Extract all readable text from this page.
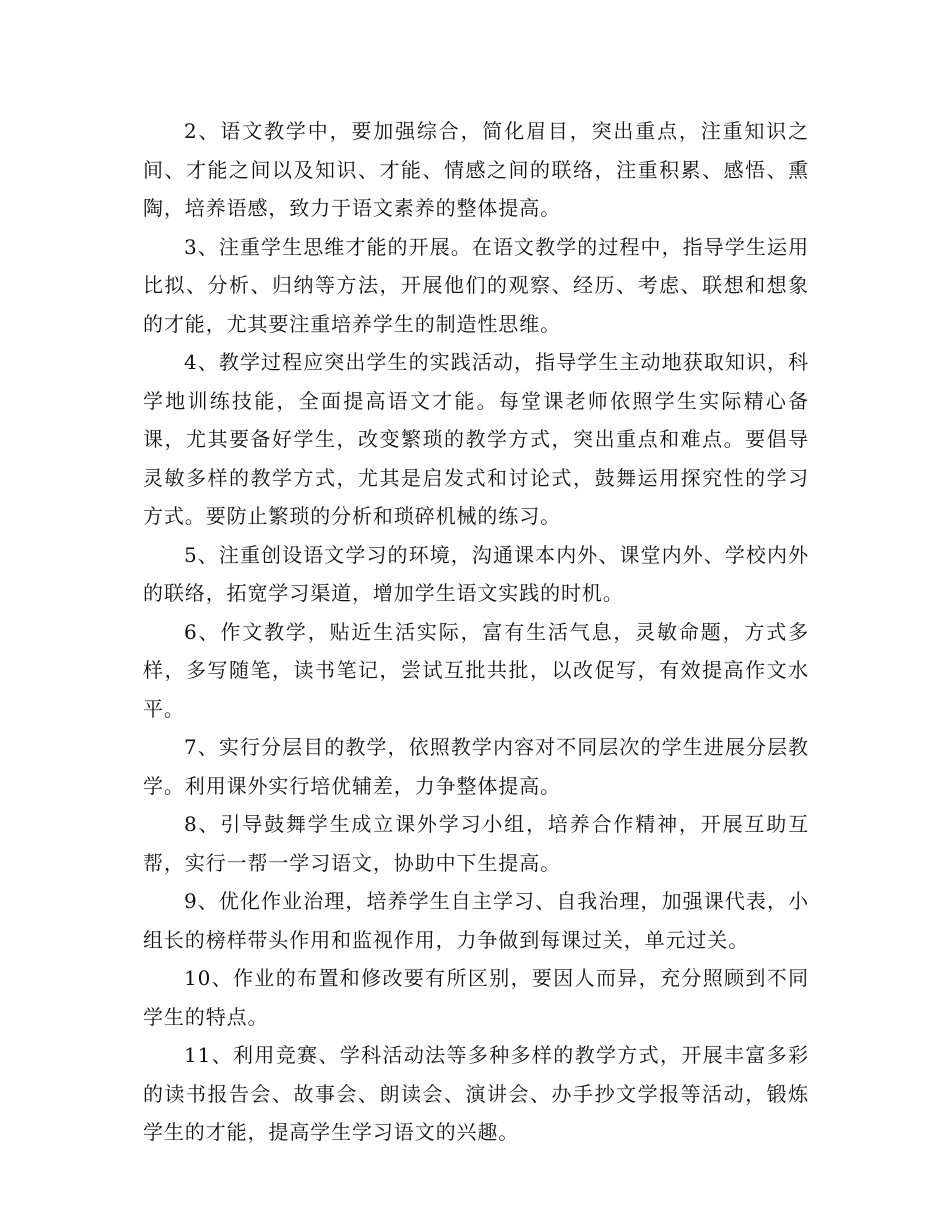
2、语文教学中，要加强综合，简化眉目，突出重点，注重知识之间、才能之间以及知识、才能、情感之间的联络，注重积累、感悟、熏陶，培养语感，致力于语文素养的整体提高。

3、注重学生思维才能的开展。在语文教学的过程中，指导学生运用比拟、分析、归纳等方法，开展他们的观察、经历、考虑、联想和想象的才能，尤其要注重培养学生的制造性思维。

4、教学过程应突出学生的实践活动，指导学生主动地获取知识，科学地训练技能，全面提高语文才能。每堂课老师依照学生实际精心备课，尤其要备好学生，改变繁琐的教学方式，突出重点和难点。要倡导灵敏多样的教学方式，尤其是启发式和讨论式，鼓舞运用探究性的学习方式。要防止繁琐的分析和琐碎机械的练习。

5、注重创设语文学习的环境，沟通课本内外、课堂内外、学校内外的联络，拓宽学习渠道，增加学生语文实践的时机。

6、作文教学，贴近生活实际，富有生活气息，灵敏命题，方式多样，多写随笔，读书笔记，尝试互批共批，以改促写，有效提高作文水平。

7、实行分层目的教学，依照教学内容对不同层次的学生进展分层教学。利用课外实行培优辅差，力争整体提高。

8、引导鼓舞学生成立课外学习小组，培养合作精神，开展互助互帮，实行一帮一学习语文，协助中下生提高。

9、优化作业治理，培养学生自主学习、自我治理，加强课代表，小组长的榜样带头作用和监视作用，力争做到每课过关，单元过关。

10、作业的布置和修改要有所区别，要因人而异，充分照顾到不同学生的特点。

11、利用竞赛、学科活动法等多种多样的教学方式，开展丰富多彩的读书报告会、故事会、朗读会、演讲会、办手抄文学报等活动，锻炼学生的才能，提高学生学习语文的兴趣。
